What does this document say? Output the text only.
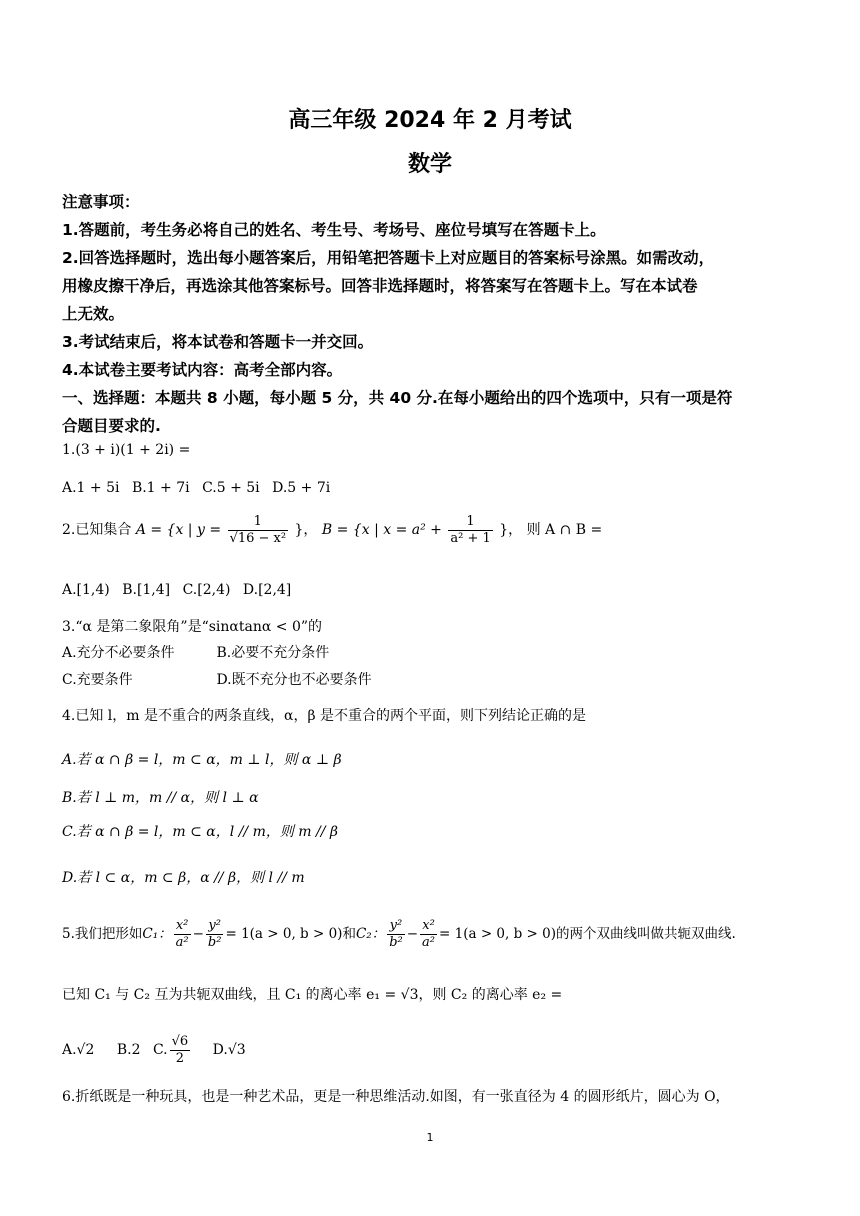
高三年级 2024 年 2 月考试
数学

注意事项：

1.答题前，考生务必将自己的姓名、考生号、考场号、座位号填写在答题卡上。

2.回答选择题时，选出每小题答案后，用铅笔把答题卡上对应题目的答案标号涂黑。如需改动，

用橡皮擦干净后，再选涂其他答案标号。回答非选择题时，将答案写在答题卡上。写在本试卷

上无效。

3.考试结束后，将本试卷和答题卡一并交回。

4.本试卷主要考试内容：高考全部内容。

一、选择题：本题共 8 小题，每小题 5 分，共 40 分.在每小题给出的四个选项中，只有一项是符

合题目要求的.

1.(3 + i)(1 + 2i) =
A.1 + 5i B.1 + 7i C.5 + 5i D.5 + 7i
2.已知集合 A = {x | $y = \frac{1}{\text{√16 − x²}}$ }， B = {x | $x = a^2 + \frac{1}{\text{a² + 1}}$ }， 则 A ∩ B =
A.[1,4) B.[1,4] C.[2,4) D.[2,4]
3.“α 是第二象限角”是“sinαtanα < 0”的
A.充分不必要条件	B.必要不充分条件
C.充要条件	D.既不充分也不必要条件
4.已知 l，m 是不重合的两条直线，α，β 是不重合的两个平面，则下列结论正确的是
A.若 α ∩ β = l，m ⊂ α，m ⊥ l，则 α ⊥ β
B.若 l ⊥ m，m // α，则 l ⊥ α
C.若 α ∩ β = l，m ⊂ α，l // m，则 m // β
D.若 l ⊂ α，m ⊂ β，α // β，则 l // m
5.我们把形如C₁： $\frac{\text{x²}}{\text{a²}} - \frac{\text{y²}}{\text{b²}} = 1(a > 0$, b > 0)和C₂： $\frac{\text{y²}}{\text{b²}} - \frac{\text{x²}}{\text{a²}} = 1(a > 0$, b > 0)的两个双曲线叫做共轭双曲线.
已知 C₁ 与 C₂ 互为共轭双曲线，且 C₁ 的离心率 e₁ = √3，则 C₂ 的离心率 e₂ =
A.√2 B.2 C. $\frac{√6}{2} D.√3$
6.折纸既是一种玩具，也是一种艺术品，更是一种思维活动.如图，有一张直径为 4 的圆形纸片，圆心为 O，
1
